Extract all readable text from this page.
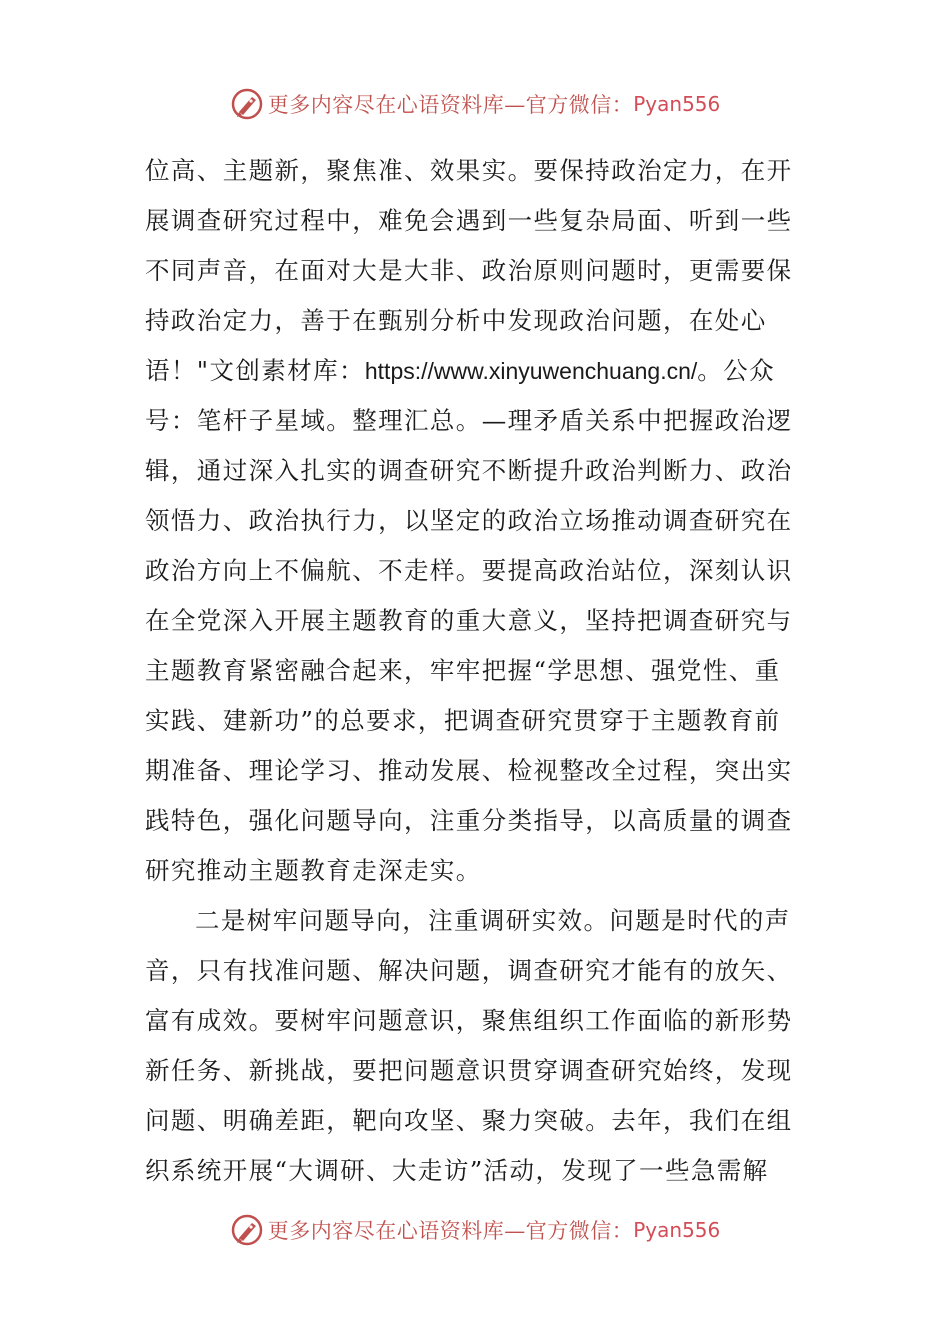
更多内容尽在心语资料库—官方微信： Pyan556
位高、主题新，聚焦准、效果实。要保持政治定力，在开
展调查研究过程中，难免会遇到一些复杂局面、听到一些
不同声音，在面对大是大非、政治原则问题时，更需要保
持政治定力，善于在甄别分析中发现政治问题，在处心
语！"文创素材库：https://www.xinyuwenchuang.cn/。公众
号：笔杆子星域。整理汇总。—理矛盾关系中把握政治逻
辑，通过深入扎实的调查研究不断提升政治判断力、政治
领悟力、政治执行力，以坚定的政治立场推动调查研究在
政治方向上不偏航、不走样。要提高政治站位，深刻认识
在全党深入开展主题教育的重大意义，坚持把调查研究与
主题教育紧密融合起来，牢牢把握“学思想、强党性、重
实践、建新功”的总要求，把调查研究贯穿于主题教育前
期准备、理论学习、推动发展、检视整改全过程，突出实
践特色，强化问题导向，注重分类指导，以高质量的调查
研究推动主题教育走深走实。
二是树牢问题导向，注重调研实效。问题是时代的声
音，只有找准问题、解决问题，调查研究才能有的放矢、
富有成效。要树牢问题意识，聚焦组织工作面临的新形势
新任务、新挑战，要把问题意识贯穿调查研究始终，发现
问题、明确差距，靶向攻坚、聚力突破。去年，我们在组
织系统开展“大调研、大走访”活动，发现了一些急需解
更多内容尽在心语资料库—官方微信： Pyan556
